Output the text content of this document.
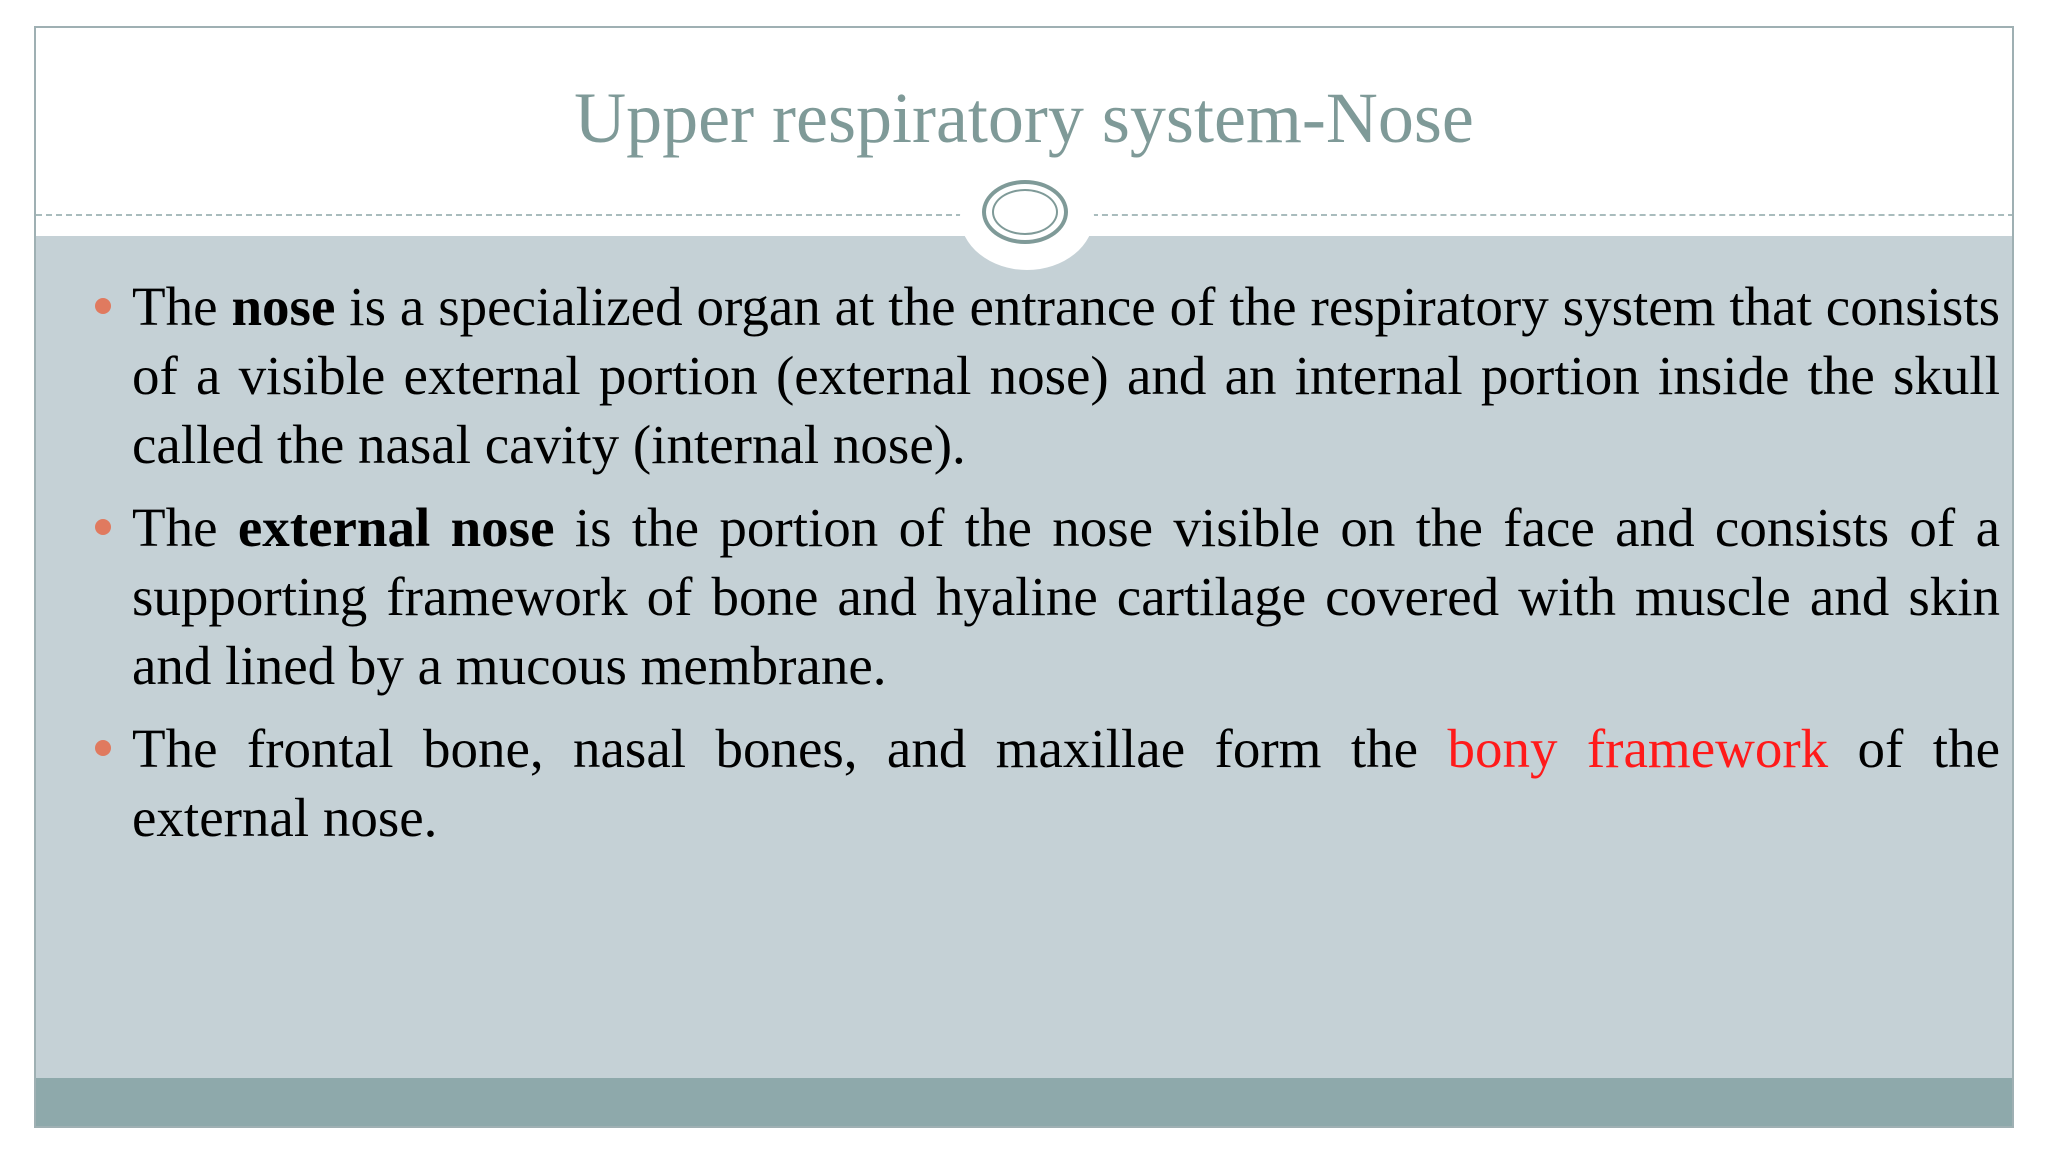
Upper respiratory system-Nose
The nose is a specialized organ at the entrance of the respiratory system that consists of a visible external portion (external nose) and an internal portion inside the skull called the nasal cavity (internal nose).
The external nose is the portion of the nose visible on the face and consists of a supporting framework of bone and hyaline cartilage covered with muscle and skin and lined by a mucous membrane.
The frontal bone, nasal bones, and maxillae form the bony framework of the external nose.
